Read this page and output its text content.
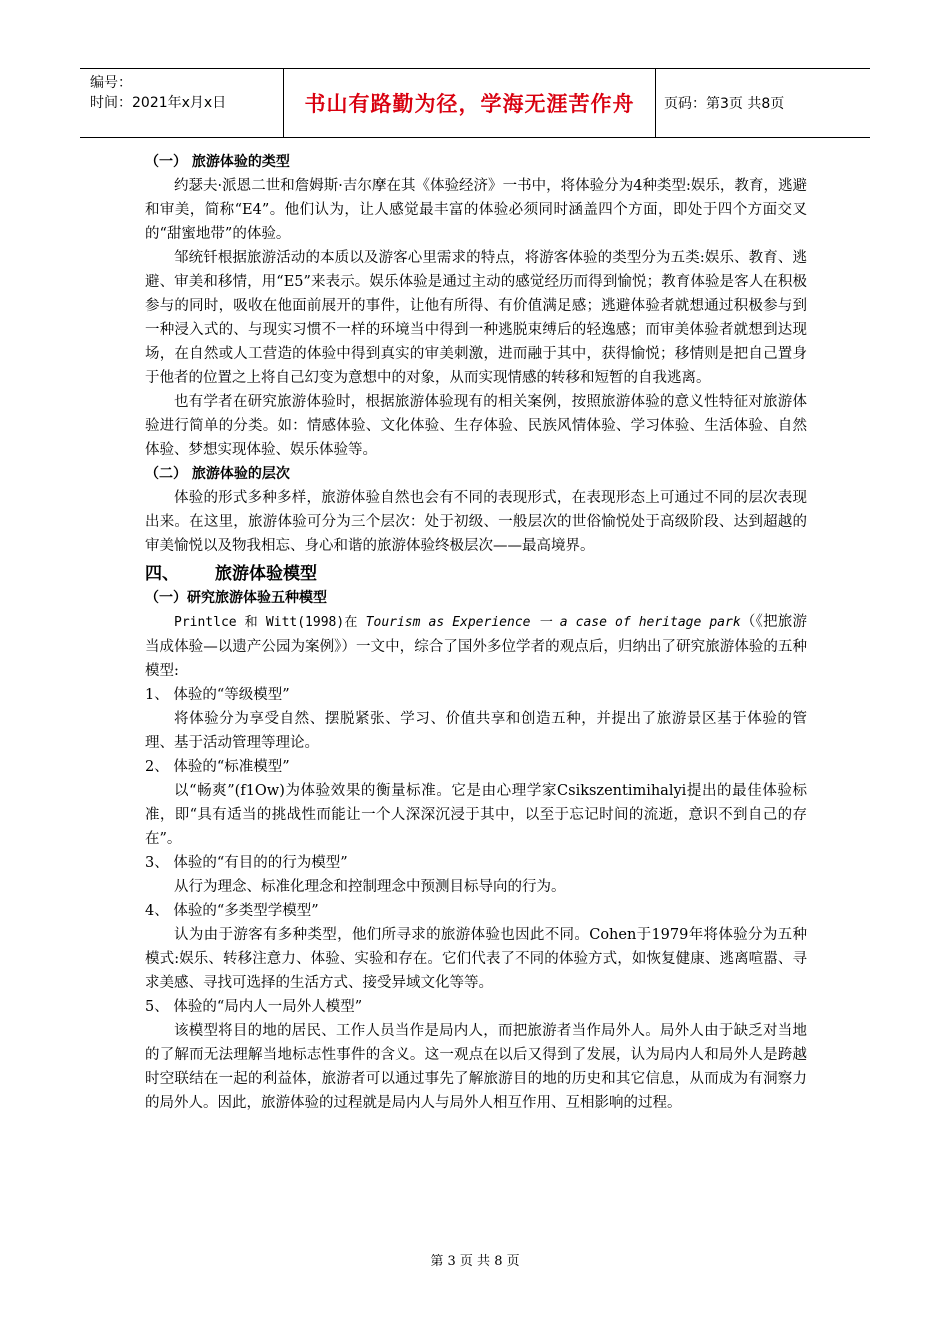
编号：
时间：2021年x月x日	书山有路勤为径，学海无涯苦作舟	页码：第3页 共8页

（一） 旅游体验的类型

约瑟夫·派恩二世和詹姆斯·吉尔摩在其《体验经济》一书中，将体验分为4种类型:娱乐，教育，逃避和审美，简称“E4”。他们认为，让人感觉最丰富的体验必须同时涵盖四个方面，即处于四个方面交叉的“甜蜜地带”的体验。

邹统钎根据旅游活动的本质以及游客心里需求的特点，将游客体验的类型分为五类:娱乐、教育、逃避、审美和移情，用“E5”来表示。娱乐体验是通过主动的感觉经历而得到愉悦；教育体验是客人在积极参与的同时，吸收在他面前展开的事件，让他有所得、有价值满足感；逃避体验者就想通过积极参与到一种浸入式的、与现实习惯不一样的环境当中得到一种逃脱束缚后的轻逸感；而审美体验者就想到达现场，在自然或人工营造的体验中得到真实的审美刺激，进而融于其中，获得愉悦；移情则是把自己置身于他者的位置之上将自己幻变为意想中的对象，从而实现情感的转移和短暂的自我逃离。

也有学者在研究旅游体验时，根据旅游体验现有的相关案例，按照旅游体验的意义性特征对旅游体验进行简单的分类。如：情感体验、文化体验、生存体验、民族风情体验、学习体验、生活体验、自然体验、梦想实现体验、娱乐体验等。

（二） 旅游体验的层次

体验的形式多种多样，旅游体验自然也会有不同的表现形式，在表现形态上可通过不同的层次表现出来。在这里，旅游体验可分为三个层次：处于初级、一般层次的世俗愉悦处于高级阶段、达到超越的审美愉悦以及物我相忘、身心和谐的旅游体验终极层次——最高境界。

四、 旅游体验模型

（一）研究旅游体验五种模型

Printlce 和 Witt(1998)在 Tourism as Experience 一 a case of heritage park（《把旅游当成体验—以遗产公园为案例》）一文中，综合了国外多位学者的观点后，归纳出了研究旅游体验的五种模型:

1、 体验的“等级模型”

将体验分为享受自然、摆脱紧张、学习、价值共享和创造五种，并提出了旅游景区基于体验的管理、基于活动管理等理论。

2、 体验的“标准模型”

以“畅爽”(f1Ow)为体验效果的衡量标准。它是由心理学家Csikszentimihalyi提出的最佳体验标准，即“具有适当的挑战性而能让一个人深深沉浸于其中，以至于忘记时间的流逝，意识不到自己的存在”。

3、 体验的“有目的的行为模型”

从行为理念、标准化理念和控制理念中预测目标导向的行为。

4、 体验的“多类型学模型”

认为由于游客有多种类型，他们所寻求的旅游体验也因此不同。Cohen于1979年将体验分为五种模式:娱乐、转移注意力、体验、实验和存在。它们代表了不同的体验方式，如恢复健康、逃离喧嚣、寻求美感、寻找可选择的生活方式、接受异域文化等等。

5、 体验的“局内人一局外人模型”

该模型将目的地的居民、工作人员当作是局内人，而把旅游者当作局外人。局外人由于缺乏对当地的了解而无法理解当地标志性事件的含义。这一观点在以后又得到了发展，认为局内人和局外人是跨越时空联结在一起的利益体，旅游者可以通过事先了解旅游目的地的历史和其它信息，从而成为有洞察力的局外人。因此，旅游体验的过程就是局内人与局外人相互作用、互相影响的过程。

第 3 页 共 8 页
